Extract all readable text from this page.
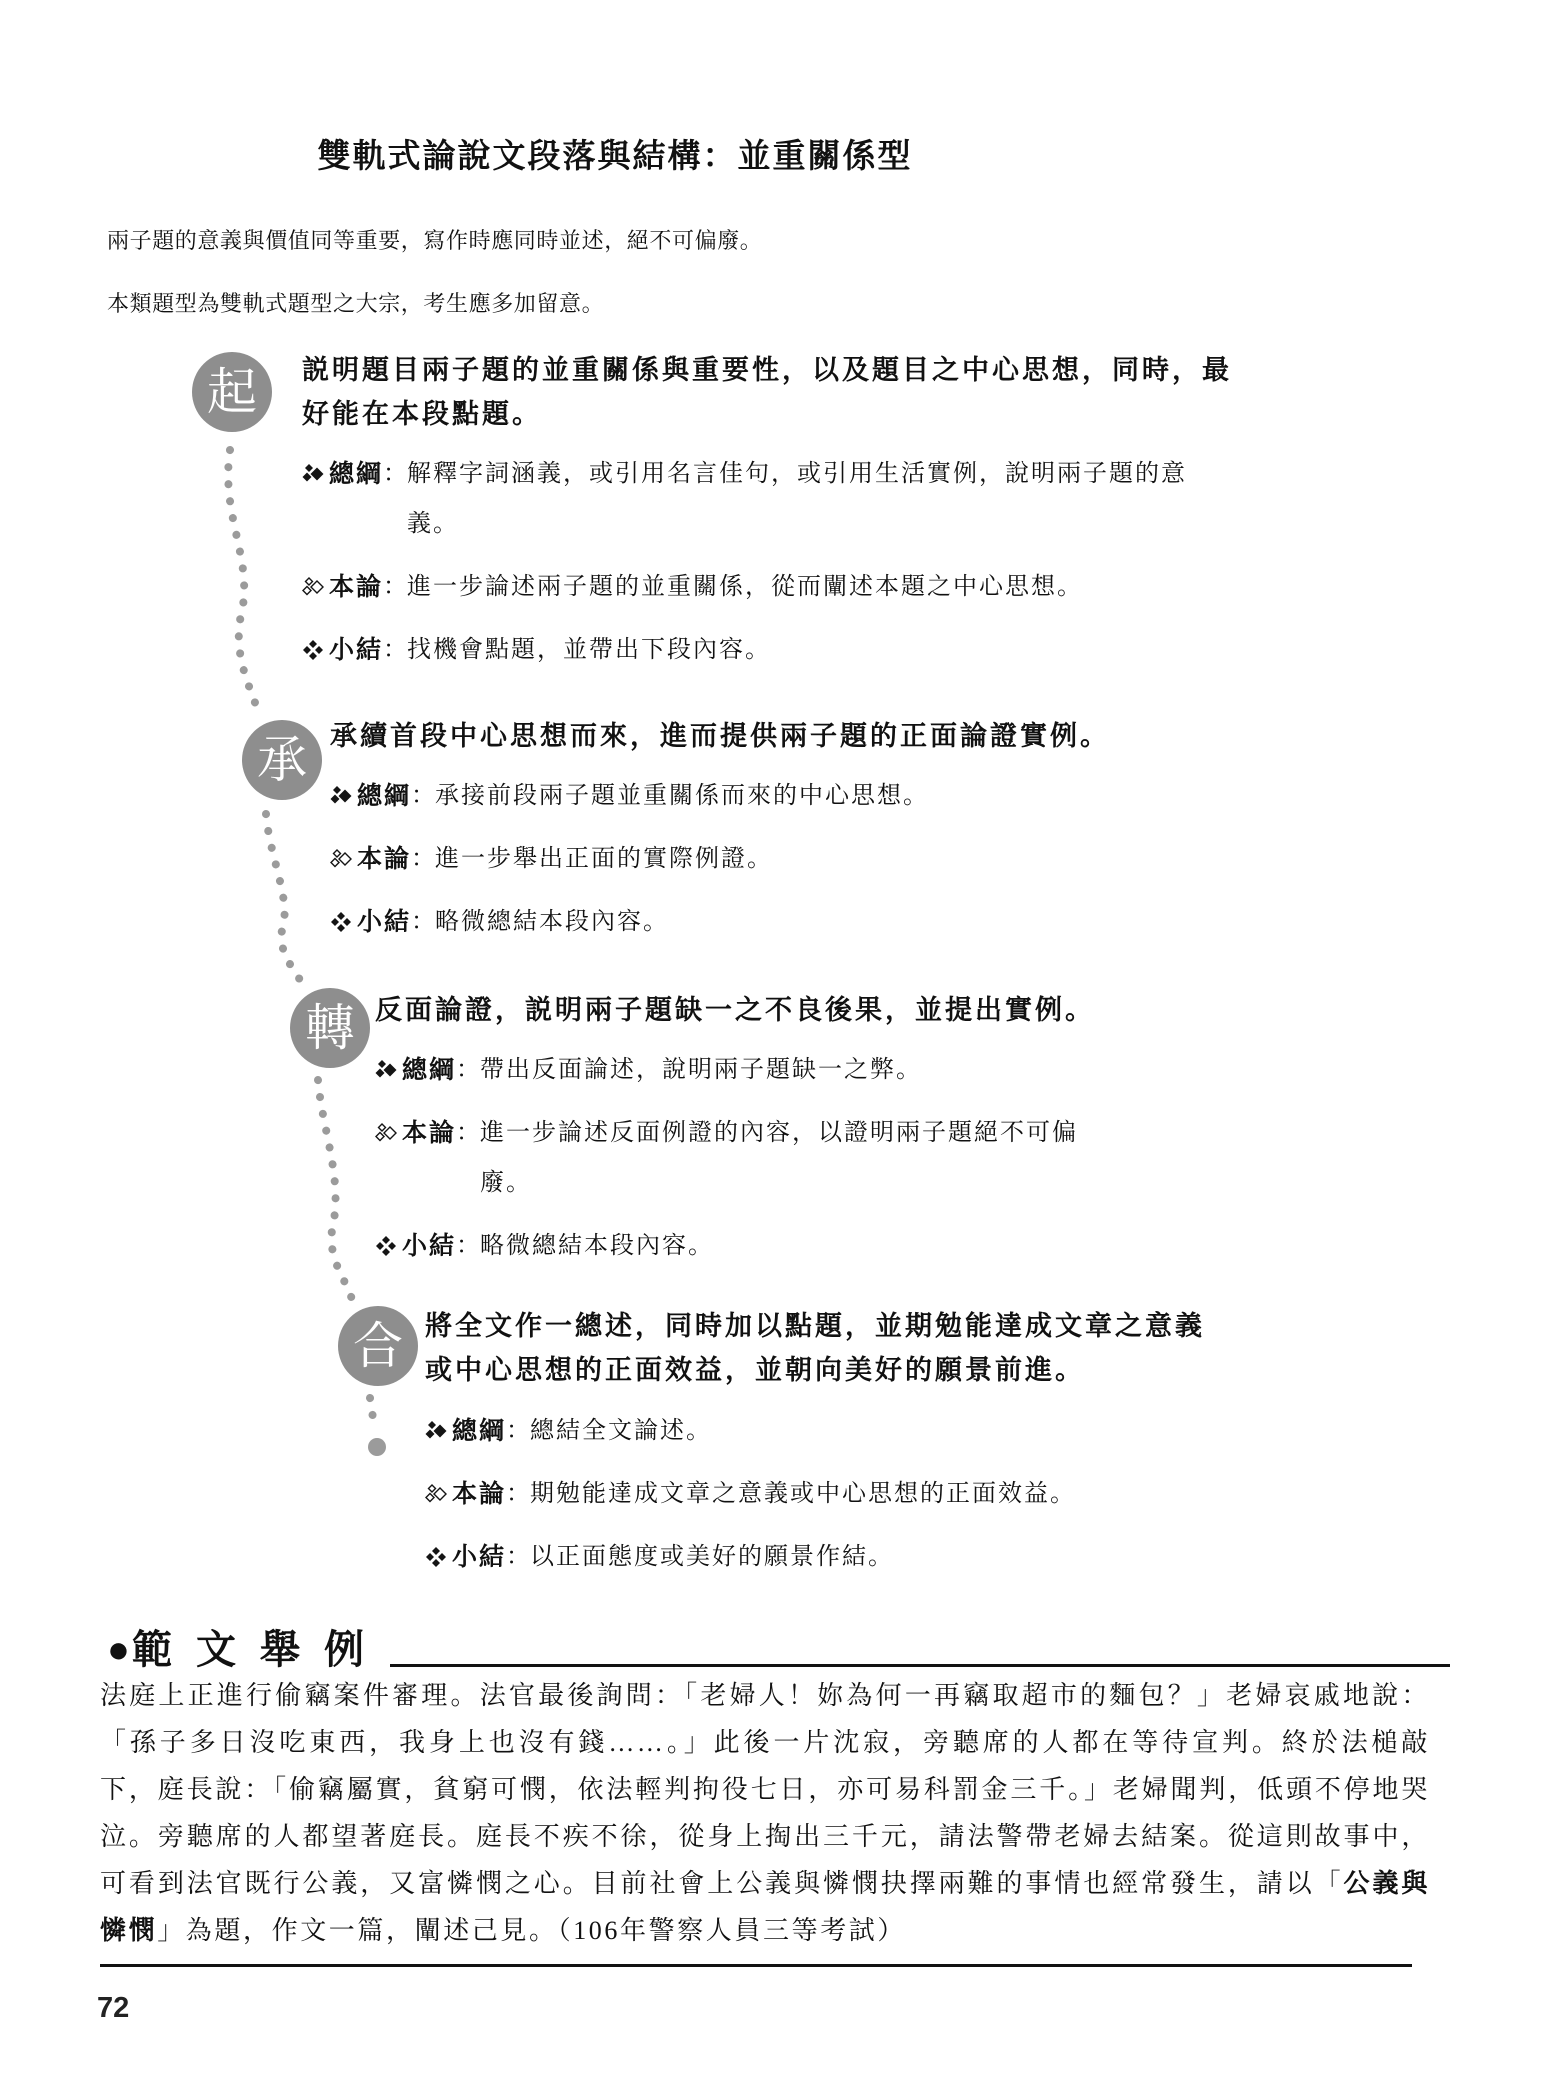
雙軌式論說文段落與結構：並重關係型
兩子題的意義與價值同等重要，寫作時應同時並述，絕不可偏廢。
本類題型為雙軌式題型之大宗，考生應多加留意。
起
承
轉
合
説明題目兩子題的並重關係與重要性，以及題目之中心思想，同時，最好能在本段點題。
總綱 ： 解釋字詞涵義，或引用名言佳句，或引用生活實例，說明兩子題的意義。
本論 ： 進一步論述兩子題的並重關係，從而闡述本題之中心思想。
小結 ： 找機會點題，並帶出下段內容。
承續首段中心思想而來，進而提供兩子題的正面論證實例。
總綱 ： 承接前段兩子題並重關係而來的中心思想。
本論 ： 進一步舉出正面的實際例證。
小結 ： 略微總結本段內容。
反面論證，説明兩子題缺一之不良後果，並提出實例。
總綱 ： 帶出反面論述，說明兩子題缺一之弊。
本論 ： 進一步論述反面例證的內容，以證明兩子題絕不可偏廢。
小結 ： 略微總結本段內容。
將全文作一總述，同時加以點題，並期勉能達成文章之意義或中心思想的正面效益，並朝向美好的願景前進。
總綱 ： 總結全文論述。
本論 ： 期勉能達成文章之意義或中心思想的正面效益。
小結 ： 以正面態度或美好的願景作結。
● 範文舉例
法庭上正進行偷竊案件審理。法官最後詢問：「老婦人！妳為何一再竊取超市的麵包？」老婦哀戚地說：「孫子多日沒吃東西，我身上也沒有錢……。」此後一片沈寂，旁聽席的人都在等待宣判。終於法槌敲下，庭長說：「偷竊屬實，貧窮可憫，依法輕判拘役七日，亦可易科罰金三千。」老婦聞判，低頭不停地哭泣。旁聽席的人都望著庭長。庭長不疾不徐，從身上掏出三千元，請法警帶老婦去結案。從這則故事中，可看到法官既行公義，又富憐憫之心。目前社會上公義與憐憫抉擇兩難的事情也經常發生，請以「公義與憐憫」為題，作文一篇，闡述己見。（106年警察人員三等考試）
72
